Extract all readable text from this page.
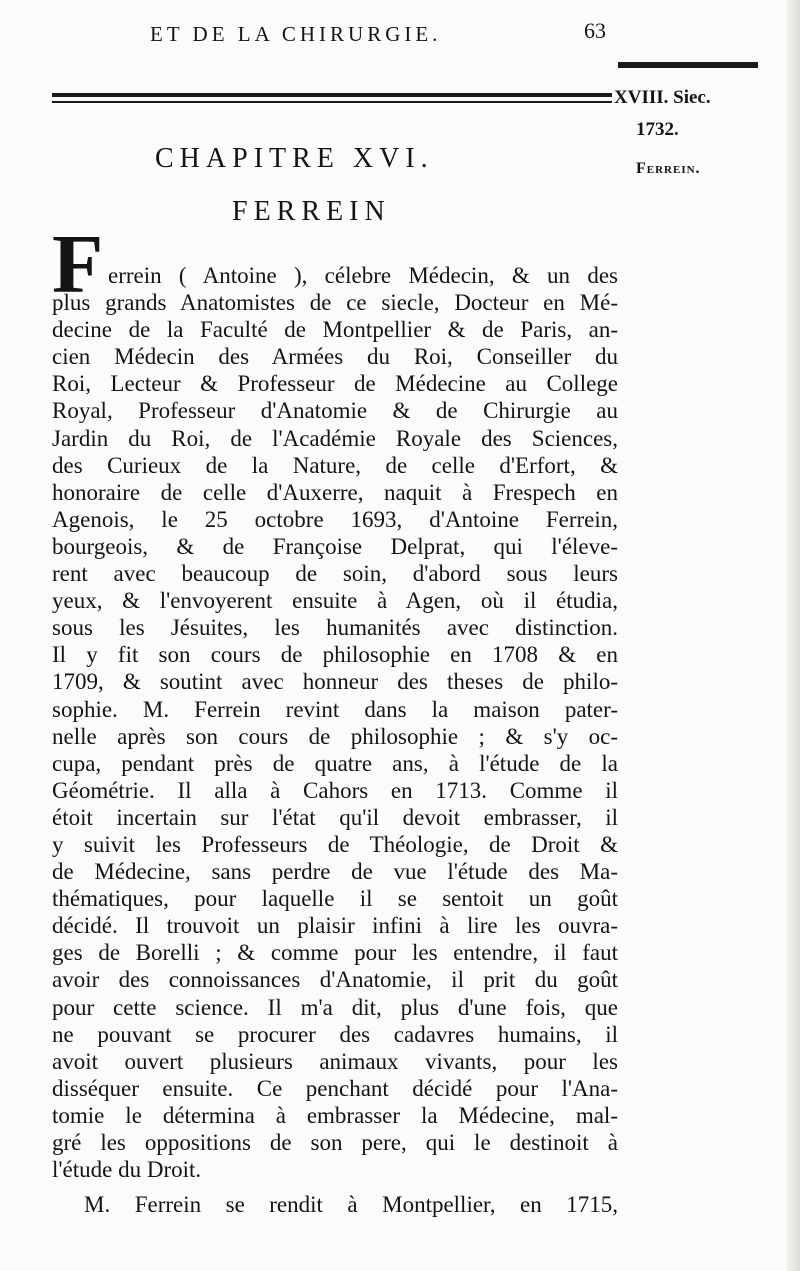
ET DE LA CHIRURGIE.	63
XVIII. Siec.
1732.
Ferrein.
CHAPITRE XVI.
FERREIN
F errein ( Antoine ), célebre Médecin, & un des
plus grands Anatomistes de ce siecle, Docteur en Mé-
decine de la Faculté de Montpellier & de Paris, an-
cien Médecin des Armées du Roi, Conseiller du
Roi, Lecteur & Professeur de Médecine au College
Royal, Professeur d'Anatomie & de Chirurgie au
Jardin du Roi, de l'Académie Royale des Sciences,
des Curieux de la Nature, de celle d'Erfort, &
honoraire de celle d'Auxerre, naquit à Frespech en
Agenois, le 25 octobre 1693, d'Antoine Ferrein,
bourgeois, & de Françoise Delprat, qui l'éleve-
rent avec beaucoup de soin, d'abord sous leurs
yeux, & l'envoyerent ensuite à Agen, où il étudia,
sous les Jésuites, les humanités avec distinction.
Il y fit son cours de philosophie en 1708 & en
1709, & soutint avec honneur des theses de philo-
sophie. M. Ferrein revint dans la maison pater-
nelle après son cours de philosophie ; & s'y oc-
cupa, pendant près de quatre ans, à l'étude de la
Géométrie. Il alla à Cahors en 1713. Comme il
étoit incertain sur l'état qu'il devoit embrasser, il
y suivit les Professeurs de Théologie, de Droit &
de Médecine, sans perdre de vue l'étude des Ma-
thématiques, pour laquelle il se sentoit un goût
décidé. Il trouvoit un plaisir infini à lire les ouvra-
ges de Borelli ; & comme pour les entendre, il faut
avoir des connoissances d'Anatomie, il prit du goût
pour cette science. Il m'a dit, plus d'une fois, que
ne pouvant se procurer des cadavres humains, il
avoit ouvert plusieurs animaux vivants, pour les
disséquer ensuite. Ce penchant décidé pour l'Ana-
tomie le détermina à embrasser la Médecine, mal-
gré les oppositions de son pere, qui le destinoit à
l'étude du Droit.
M. Ferrein se rendit à Montpellier, en 1715,
